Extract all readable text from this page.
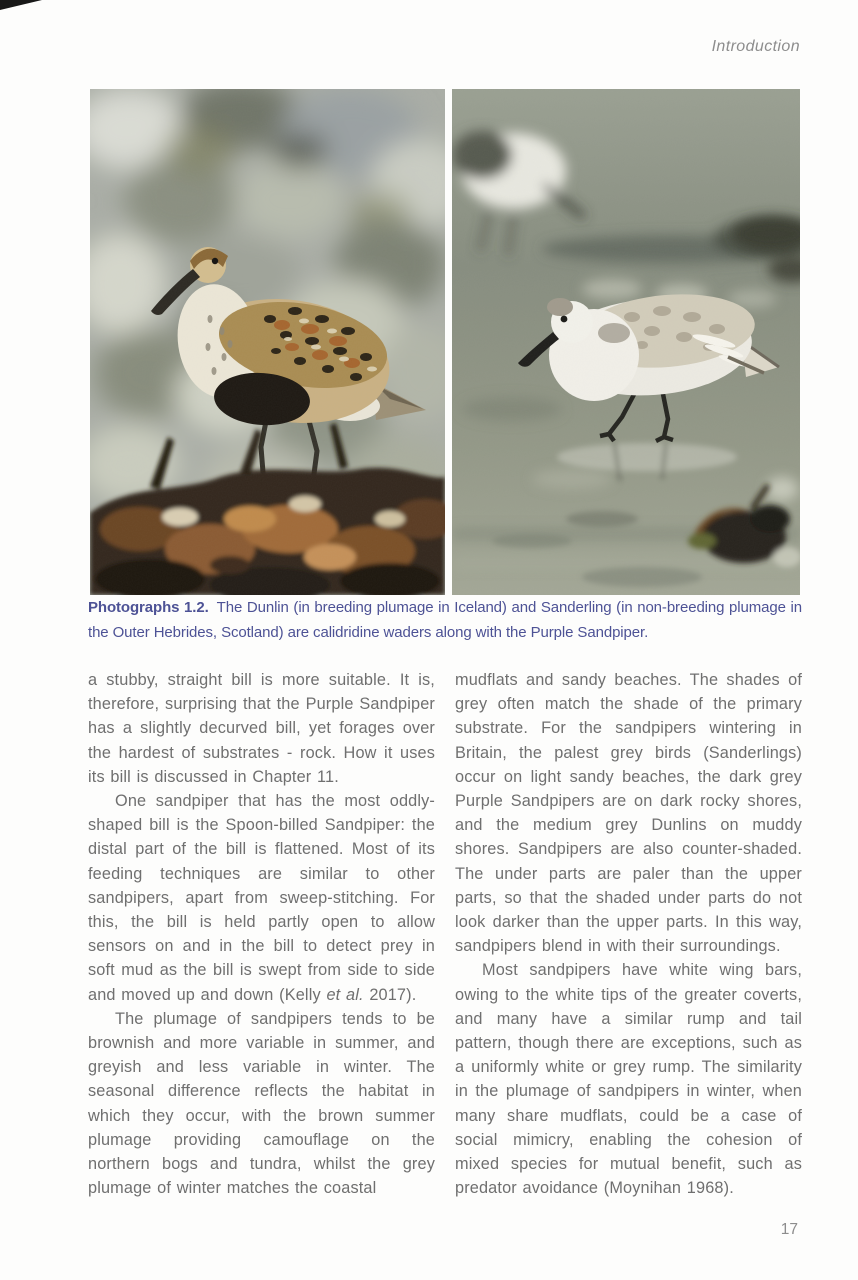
Introduction

Photographs 1.2. The Dunlin (in breeding plumage in Iceland) and Sanderling (in non-breeding plumage in the Outer Hebrides, Scotland) are calidridine waders along with the Purple Sandpiper.

a stubby, straight bill is more suitable. It is, therefore, surprising that the Purple Sandpiper has a slightly decurved bill, yet forages over the hardest of substrates - rock. How it uses its bill is discussed in Chapter 11.

One sandpiper that has the most oddly-shaped bill is the Spoon-billed Sandpiper: the distal part of the bill is flattened. Most of its feeding techniques are similar to other sandpipers, apart from sweep-stitching. For this, the bill is held partly open to allow sensors on and in the bill to detect prey in soft mud as the bill is swept from side to side and moved up and down (Kelly et al. 2017).

The plumage of sandpipers tends to be brownish and more variable in summer, and greyish and less variable in winter. The seasonal difference reflects the habitat in which they occur, with the brown summer plumage providing camouflage on the northern bogs and tundra, whilst the grey plumage of winter matches the coastal

mudflats and sandy beaches. The shades of grey often match the shade of the primary substrate. For the sandpipers wintering in Britain, the palest grey birds (Sanderlings) occur on light sandy beaches, the dark grey Purple Sandpipers are on dark rocky shores, and the medium grey Dunlins on muddy shores. Sandpipers are also counter-shaded. The under parts are paler than the upper parts, so that the shaded under parts do not look darker than the upper parts. In this way, sandpipers blend in with their surroundings.

Most sandpipers have white wing bars, owing to the white tips of the greater coverts, and many have a similar rump and tail pattern, though there are exceptions, such as a uniformly white or grey rump. The similarity in the plumage of sandpipers in winter, when many share mudflats, could be a case of social mimicry, enabling the cohesion of mixed species for mutual benefit, such as predator avoidance (Moynihan 1968).

17
